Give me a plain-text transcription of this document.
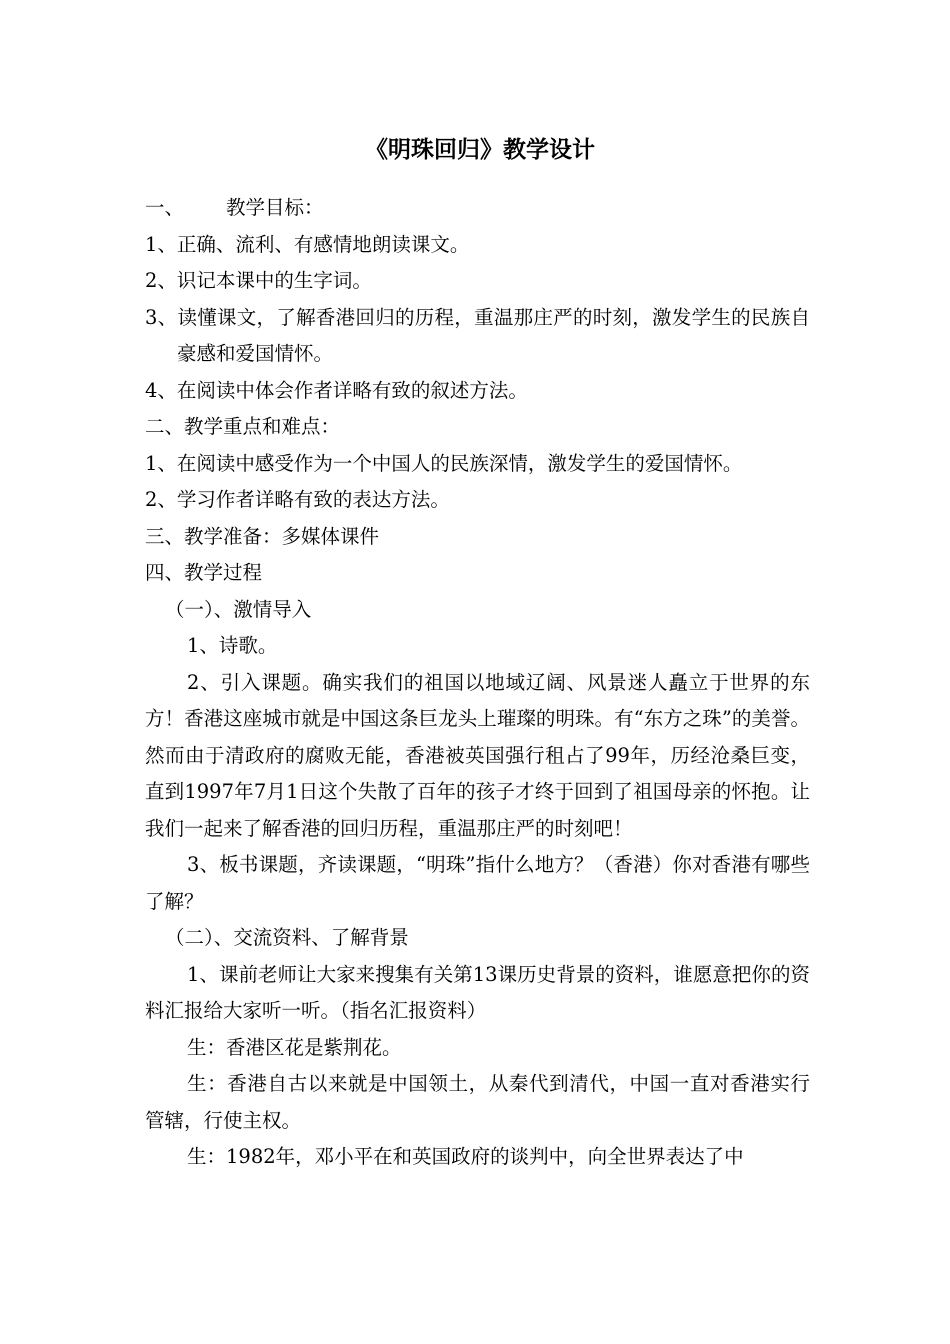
《明珠回归》教学设计

一、 教学目标：

1、正确、流利、有感情地朗读课文。

2、识记本课中的生字词。

3、读懂课文，了解香港回归的历程，重温那庄严的时刻，激发学生的民族自豪感和爱国情怀。

4、在阅读中体会作者详略有致的叙述方法。

二、教学重点和难点：

1、在阅读中感受作为一个中国人的民族深情，激发学生的爱国情怀。

2、学习作者详略有致的表达方法。

三、教学准备：多媒体课件

四、教学过程

（一）、激情导入

1、诗歌。

2、引入课题。确实我们的祖国以地域辽阔、风景迷人矗立于世界的东方！香港这座城市就是中国这条巨龙头上璀璨的明珠。有“东方之珠”的美誉。然而由于清政府的腐败无能，香港被英国强行租占了99年，历经沧桑巨变，直到1997年7月1日这个失散了百年的孩子才终于回到了祖国母亲的怀抱。让我们一起来了解香港的回归历程，重温那庄严的时刻吧！

3、板书课题，齐读课题，“明珠”指什么地方？（香港）你对香港有哪些了解？

（二）、交流资料、了解背景

1、课前老师让大家来搜集有关第13课历史背景的资料，谁愿意把你的资料汇报给大家听一听。（指名汇报资料）

生：香港区花是紫荆花。

生：香港自古以来就是中国领土，从秦代到清代，中国一直对香港实行管辖，行使主权。

生：1982年，邓小平在和英国政府的谈判中，向全世界表达了中
